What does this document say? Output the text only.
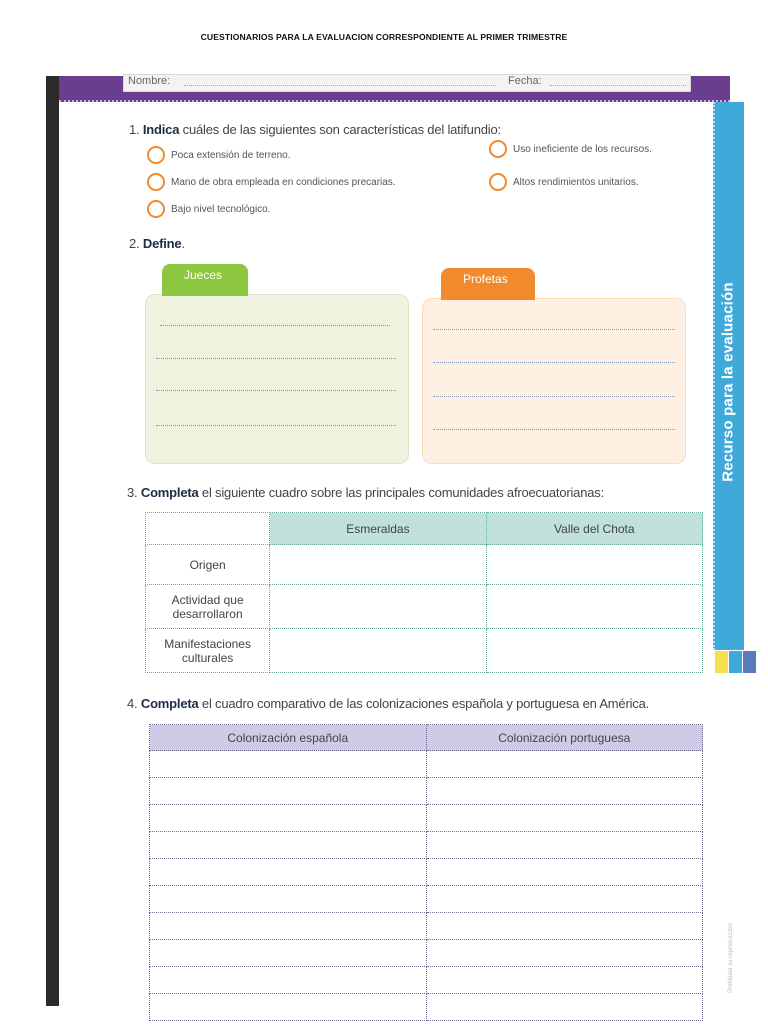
CUESTIONARIOS PARA LA EVALUACION CORRESPONDIENTE AL PRIMER TRIMESTRE
Nombre:	Fecha:
1. Indica cuáles de las siguientes son características del latifundio:
Poca extensión de terreno.
Uso ineficiente de los recursos.
Mano de obra empleada en condiciones precarias.	Altos rendimientos unitarios.
Bajo nivel tecnológico.
2. Define.
Jueces	Profetas
3. Completa el siguiente cuadro sobre las principales comunidades afroecuatorianas:
	Esmeraldas	Valle del Chota
Origen		
Actividad que desarrollaron		
Manifestaciones culturales		
4. Completa el cuadro comparativo de las colonizaciones española y portuguesa en América.
Colonización española	Colonización portuguesa

Recurso para la evaluación
Prohibida su reproducción
